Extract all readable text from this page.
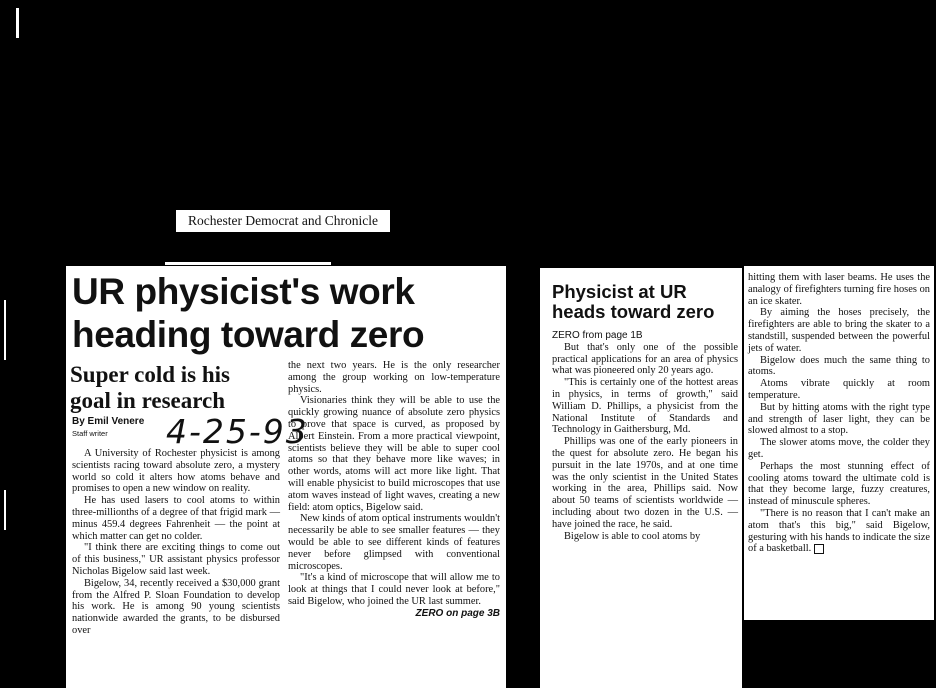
Rochester Democrat and Chronicle
UR physicist's work heading toward zero
Super cold is his goal in research
By Emil Venere
Staff writer 4-25-93

A University of Rochester physicist is among scientists racing toward absolute zero, a mystery world so cold it alters how atoms behave and promises to open a new window on reality.

He has used lasers to cool atoms to within three-millionths of a degree of that frigid mark — minus 459.4 degrees Fahrenheit — the point at which matter can get no colder.

"I think there are exciting things to come out of this business," UR assistant physics professor Nicholas Bigelow said last week.

Bigelow, 34, recently received a $30,000 grant from the Alfred P. Sloan Foundation to develop his work. He is among 90 young scientists nationwide awarded the grants, to be disbursed over

the next two years. He is the only researcher among the group working on low-temperature physics.

Visionaries think they will be able to use the quickly growing nuance of absolute zero physics to prove that space is curved, as proposed by Albert Einstein. From a more practical viewpoint, scientists believe they will be able to super cool atoms so that they behave more like waves; in other words, atoms will act more like light. That will enable physicist to build microscopes that use atom waves instead of light waves, creating a new field: atom optics, Bigelow said.

New kinds of atom optical instruments wouldn't necessarily be able to see smaller features — they would be able to see different kinds of features never before glimpsed with conventional microscopes.

"It's a kind of microscope that will allow me to look at things that I could never look at before," said Bigelow, who joined the UR last summer.

ZERO on page 3B

Physicist at UR heads toward zero

ZERO from page 1B

But that's only one of the possible practical applications for an area of physics what was pioneered only 20 years ago.

"This is certainly one of the hottest areas in physics, in terms of growth," said William D. Phillips, a physicist from the National Institute of Standards and Technology in Gaithersburg, Md.

Phillips was one of the early pioneers in the quest for absolute zero. He began his pursuit in the late 1970s, and at one time was the only scientist in the United States working in the area, Phillips said. Now about 50 teams of scientists worldwide — including about two dozen in the U.S. — have joined the race, he said.

Bigelow is able to cool atoms by

hitting them with laser beams. He uses the analogy of firefighters turning fire hoses on an ice skater.

By aiming the hoses precisely, the firefighters are able to bring the skater to a standstill, suspended between the powerful jets of water.

Bigelow does much the same thing to atoms.

Atoms vibrate quickly at room temperature.

But by hitting atoms with the right type and strength of laser light, they can be slowed almost to a stop.

The slower atoms move, the colder they get.

Perhaps the most stunning effect of cooling atoms toward the ultimate cold is that they become large, fuzzy creatures, instead of minuscule spheres.

"There is no reason that I can't make an atom that's this big," said Bigelow, gesturing with his hands to indicate the size of a basketball.
